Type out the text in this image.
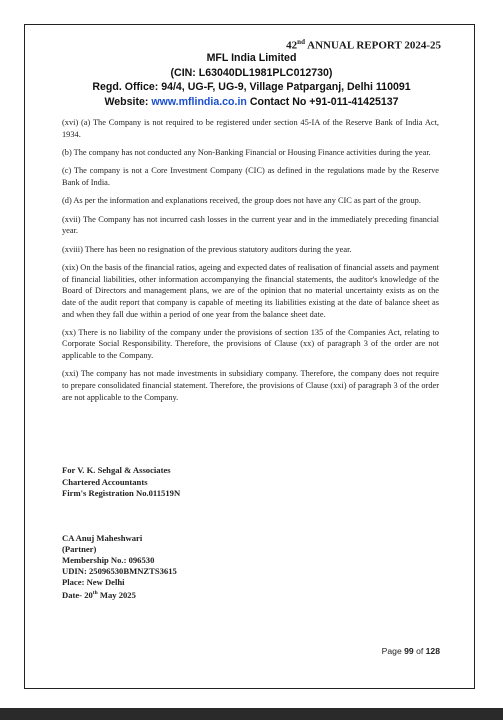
42nd ANNUAL REPORT 2024-25
MFL India Limited
(CIN: L63040DL1981PLC012730)
Regd. Office: 94/4, UG-F, UG-9, Village Patparganj, Delhi 110091
Website: www.mflindia.co.in Contact No +91-011-41425137

(xvi) (a) The Company is not required to be registered under section 45-IA of the Reserve Bank of India Act, 1934.

(b) The company has not conducted any Non-Banking Financial or Housing Finance activities during the year.

(c) The company is not a Core Investment Company (CIC) as defined in the regulations made by the Reserve Bank of India.

(d) As per the information and explanations received, the group does not have any CIC as part of the group.

(xvii) The Company has not incurred cash losses in the current year and in the immediately preceding financial year.

(xviii) There has been no resignation of the previous statutory auditors during the year.

(xix) On the basis of the financial ratios, ageing and expected dates of realisation of financial assets and payment of financial liabilities, other information accompanying the financial statements, the auditor's knowledge of the Board of Directors and management plans, we are of the opinion that no material uncertainty exists as on the date of the audit report that company is capable of meeting its liabilities existing at the date of balance sheet as and when they fall due within a period of one year from the balance sheet date.

(xx) There is no liability of the company under the provisions of section 135 of the Companies Act, relating to Corporate Social Responsibility. Therefore, the provisions of Clause (xx) of paragraph 3 of the order are not applicable to the Company.

(xxi) The company has not made investments in subsidiary company. Therefore, the company does not require to prepare consolidated financial statement. Therefore, the provisions of Clause (xxi) of paragraph 3 of the order are not applicable to the Company.

For V. K. Sehgal & Associates
Chartered Accountants
Firm's Registration No.011519N
CA Anuj Maheshwari
(Partner)
Membership No.: 096530
UDIN: 25096530BMNZTS3615
Place: New Delhi
Date- 20th May 2025
Page 99 of 128
